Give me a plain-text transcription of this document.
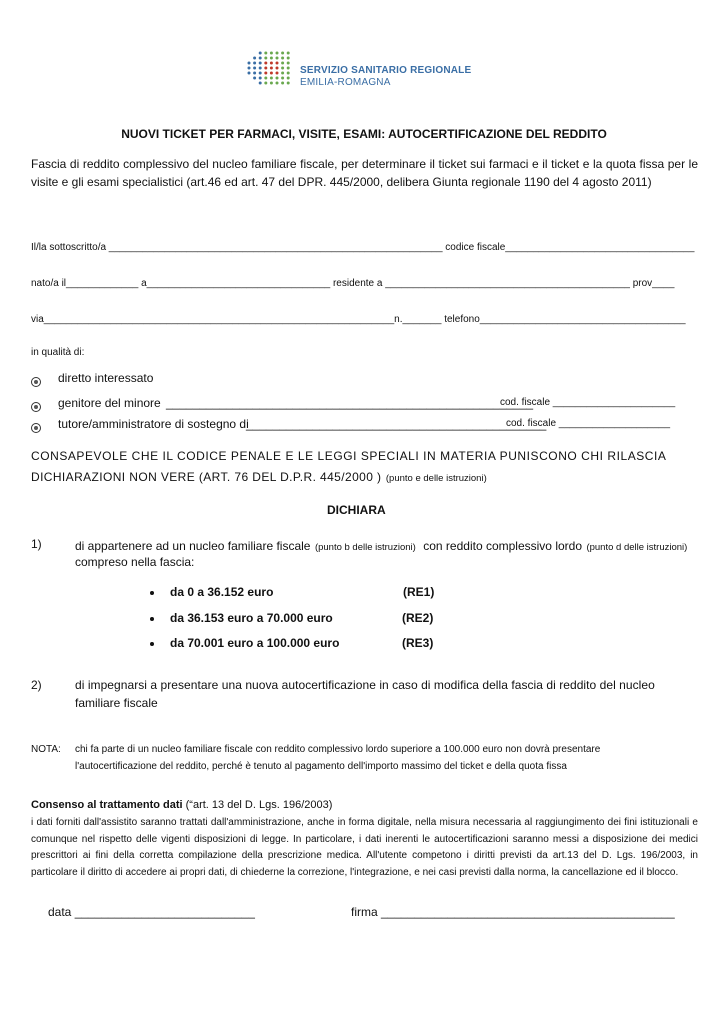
SERVIZIO SANITARIO REGIONALE
EMILIA-ROMAGNA
NUOVI TICKET PER FARMACI, VISITE, ESAMI: AUTOCERTIFICAZIONE DEL REDDITO
Fascia di reddito complessivo del nucleo familiare fiscale, per determinare il ticket sui farmaci e il ticket e la quota fissa per le visite e gli esami specialistici (art.46 ed art. 47 del DPR. 445/2000, delibera Giunta regionale 1190 del 4 agosto 2011)
Il/la sottoscritto/a ____________________________________________________________ codice fiscale__________________________________
nato/a il_____________ a_________________________________ residente a ____________________________________________ prov____
via_______________________________________________________________n._______ telefono_____________________________________
in qualità di:
diretto interessato
genitore del minore _______________________________________________________
cod. fiscale ______________________
tutore/amministratore di sostegno di
_____________________________________________
cod. fiscale ____________________
CONSAPEVOLE CHE IL CODICE PENALE E LE LEGGI SPECIALI IN MATERIA PUNISCONO CHI RILASCIA
DICHIARAZIONI NON VERE (ART. 76 DEL D.P.R. 445/2000 ) (punto e delle istruzioni)
DICHIARA
1)	di appartenere ad un nucleo familiare fiscale (punto b delle istruzioni) con reddito complessivo lordo (punto d delle istruzioni)
compreso nella fascia:
da 0 a 36.152 euro	(RE1)
da 36.153 euro a 70.000 euro	(RE2)
da 70.001 euro a 100.000 euro	(RE3)
2)	di impegnarsi a presentare una nuova autocertificazione in caso di modifica della fascia di reddito del nucleo
familiare fiscale
NOTA: chi fa parte di un nucleo familiare fiscale con reddito complessivo lordo superiore a 100.000 euro non dovrà presentare
l'autocertificazione del reddito, perché è tenuto al pagamento dell'importo massimo del ticket e della quota fissa
Consenso al trattamento dati (“art. 13 del D. Lgs. 196/2003)
i dati forniti dall'assistito saranno trattati dall'amministrazione, anche in forma digitale, nella misura necessaria al raggiungimento dei fini istituzionali e comunque nel rispetto delle vigenti disposizioni di legge. In particolare, i dati inerenti le autocertificazioni saranno messi a disposizione dei medici prescrittori ai fini della corretta compilazione della prescrizione medica. All'utente competono i diritti previsti da art.13 del D. Lgs. 196/2003, in particolare il diritto di accedere ai propri dati, di chiederne la correzione, l'integrazione, e nei casi previsti dalla norma, la cancellazione ed il blocco.
data ___________________________	firma ____________________________________________
